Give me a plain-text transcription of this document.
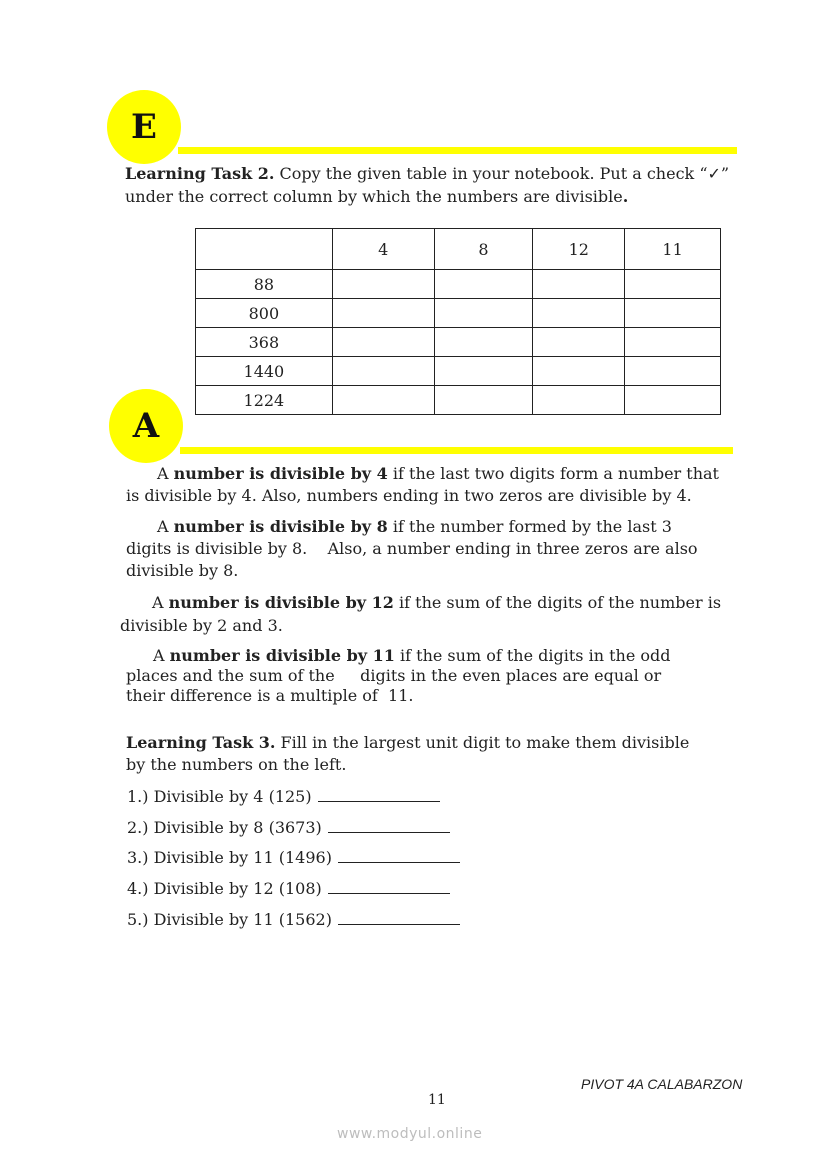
E
Learning Task 2. Copy the given table in your notebook. Put a check “✓”
under the correct column by which the numbers are divisible.
	4	8	12	11
88				
800				
368				
1440				
1224				
A
A number is divisible by 4 if the last two digits form a number that
is divisible by 4. Also, numbers ending in two zeros are divisible by 4.
A number is divisible by 8 if the number formed by the last 3
digits is divisible by 8.    Also, a number ending in three zeros are also
divisible by 8.
A number is divisible by 12 if the sum of the digits of the number is
divisible by 2 and 3.
A number is divisible by 11 if the sum of the digits in the odd
places and the sum of the     digits in the even places are equal or
their difference is a multiple of  11.
Learning Task 3. Fill in the largest unit digit to make them divisible
by the numbers on the left.
1.) Divisible by 4 (125)
2.) Divisible by 8 (3673)
3.) Divisible by 11 (1496)
4.) Divisible by 12 (108)
5.) Divisible by 11 (1562)
PIVOT 4A CALABARZON
11
www.modyul.online
